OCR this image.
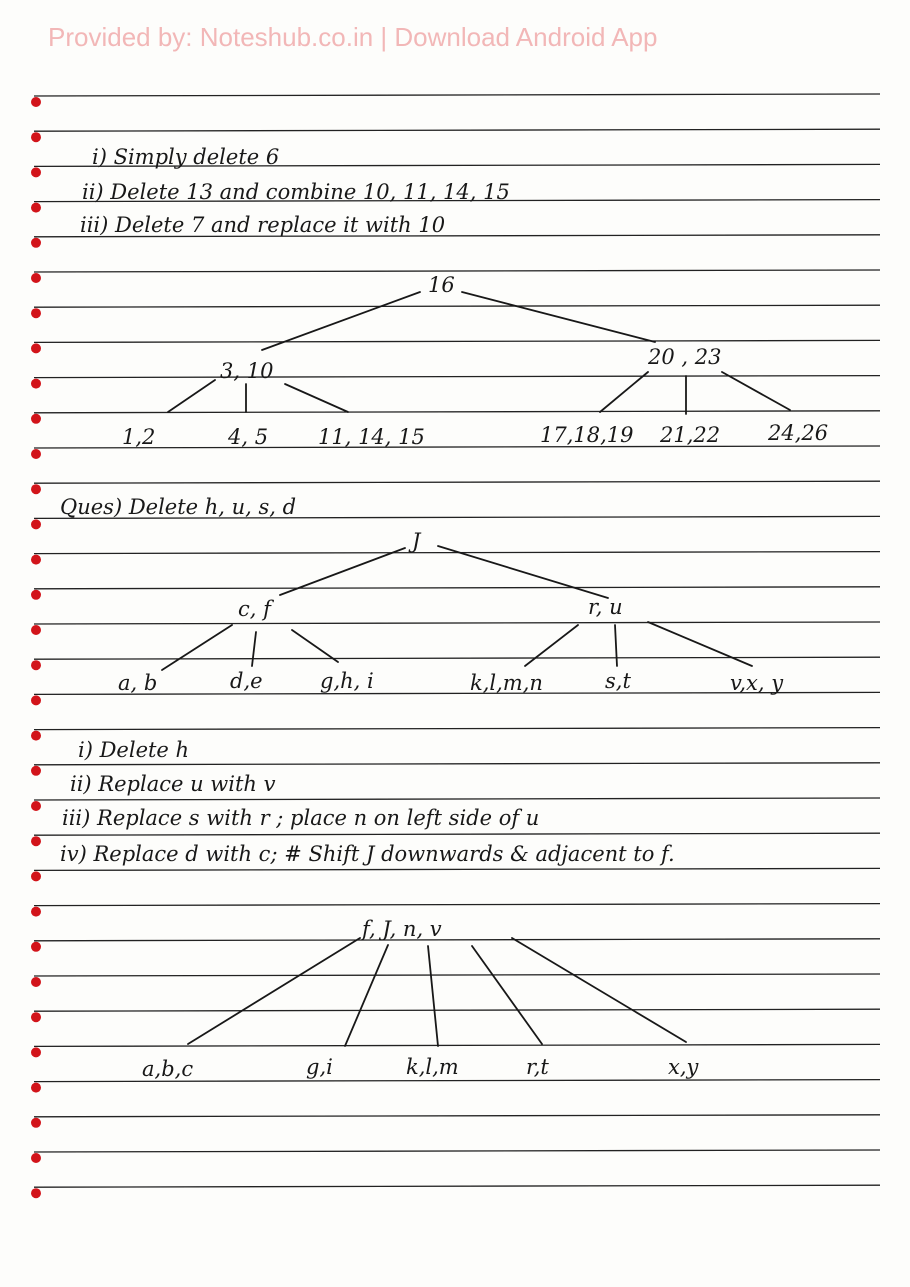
Provided by: Noteshub.co.in | Download Android App
i) Simply delete 6
ii) Delete 13 and combine 10, 11, 14, 15
iii) Delete 7 and replace it with 10
Ques) Delete h, u, s, d
i) Delete h
ii) Replace u with v
iii) Replace s with r ; place n on left side of u
iv) Replace d with c; # Shift J downwards & adjacent to f.
16
3, 10
20 , 23
1,2	4, 5 11, 14, 15	17,18,19 21,22 24,26
J
c, f	r, u
a, b	d,e	g,h, i	k,l,m,n	s,t	v,x, y
f, J, n, v
a,b,c	g,i	k,l,m	r,t	x,y
